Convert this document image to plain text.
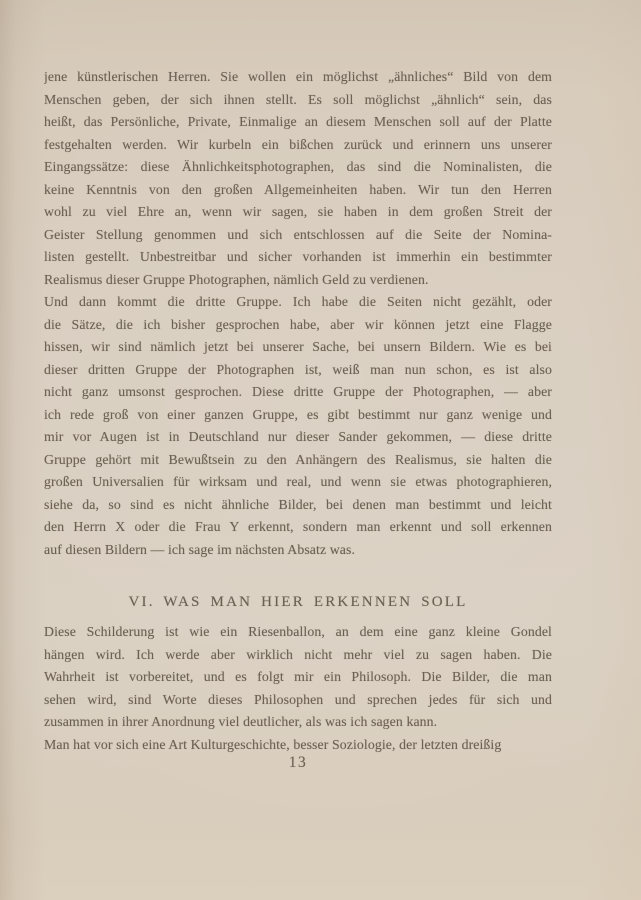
jene künstlerischen Herren. Sie wollen ein möglichst „ähnliches“ Bild von dem
Menschen geben, der sich ihnen stellt. Es soll möglichst „ähnlich“ sein, das
heißt, das Persönliche, Private, Einmalige an diesem Menschen soll auf der Platte
festgehalten werden. Wir kurbeln ein bißchen zurück und erinnern uns unserer
Eingangssätze: diese Ähnlichkeitsphotographen, das sind die Nominalisten, die
keine Kenntnis von den großen Allgemeinheiten haben. Wir tun den Herren
wohl zu viel Ehre an, wenn wir sagen, sie haben in dem großen Streit der
Geister Stellung genommen und sich entschlossen auf die Seite der Nomina-
listen gestellt. Unbestreitbar und sicher vorhanden ist immerhin ein bestimmter
Realismus dieser Gruppe Photographen, nämlich Geld zu verdienen.

Und dann kommt die dritte Gruppe. Ich habe die Seiten nicht gezählt, oder
die Sätze, die ich bisher gesprochen habe, aber wir können jetzt eine Flagge
hissen, wir sind nämlich jetzt bei unserer Sache, bei unsern Bildern. Wie es bei
dieser dritten Gruppe der Photographen ist, weiß man nun schon, es ist also
nicht ganz umsonst gesprochen. Diese dritte Gruppe der Photographen, — aber
ich rede groß von einer ganzen Gruppe, es gibt bestimmt nur ganz wenige und
mir vor Augen ist in Deutschland nur dieser Sander gekommen, — diese dritte
Gruppe gehört mit Bewußtsein zu den Anhängern des Realismus, sie halten die
großen Universalien für wirksam und real, und wenn sie etwas photographieren,
siehe da, so sind es nicht ähnliche Bilder, bei denen man bestimmt und leicht
den Herrn X oder die Frau Y erkennt, sondern man erkennt und soll erkennen
auf diesen Bildern — ich sage im nächsten Absatz was.

VI. WAS MAN HIER ERKENNEN SOLL

Diese Schilderung ist wie ein Riesenballon, an dem eine ganz kleine Gondel
hängen wird. Ich werde aber wirklich nicht mehr viel zu sagen haben. Die
Wahrheit ist vorbereitet, und es folgt mir ein Philosoph. Die Bilder, die man
sehen wird, sind Worte dieses Philosophen und sprechen jedes für sich und
zusammen in ihrer Anordnung viel deutlicher, als was ich sagen kann.

Man hat vor sich eine Art Kulturgeschichte, besser Soziologie, der letzten dreißig

13
